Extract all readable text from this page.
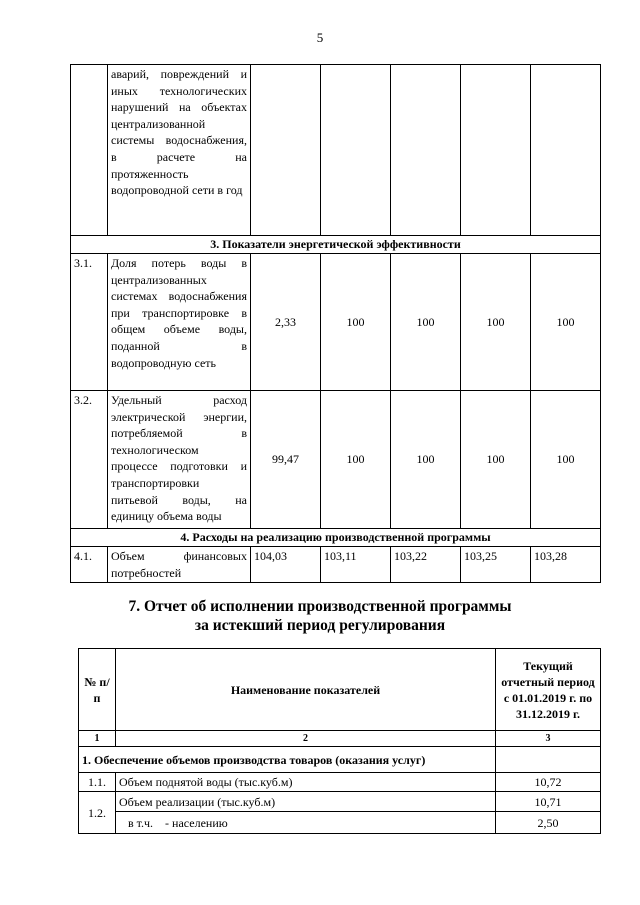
5
	аварий, повреждений и иных технологических нарушений на объектах централизованной системы водоснабжения, в расчете на протяженность водопроводной сети в год					
3. Показатели энергетической эффективности						
3.1.	Доля потерь воды в централизованных системах водоснабжения при транспортировке в общем объеме воды, поданной в водопроводную сеть	2,33	100	100	100	100
3.2.	Удельный расход электрической энергии, потребляемой в технологическом процессе подготовки и транспортировки питьевой воды, на единицу объема воды	99,47	100	100	100	100
4. Расходы на реализацию производственной программы						
4.1.	Объем финансовых потребностей	104,03	103,11	103,22	103,25	103,28
7. Отчет об исполнении производственной программы
за истекший период регулирования
№ п/п	Наименование показателей	Текущий отчетный период с 01.01.2019 г. по 31.12.2019 г.
1	2	3
1. Обеспечение объемов производства товаров (оказания услуг)		
1.1.	Объем поднятой воды (тыс.куб.м)	10,72
1.2.	Объем реализации (тыс.куб.м)	10,71
	в т.ч.    - населению	2,50
